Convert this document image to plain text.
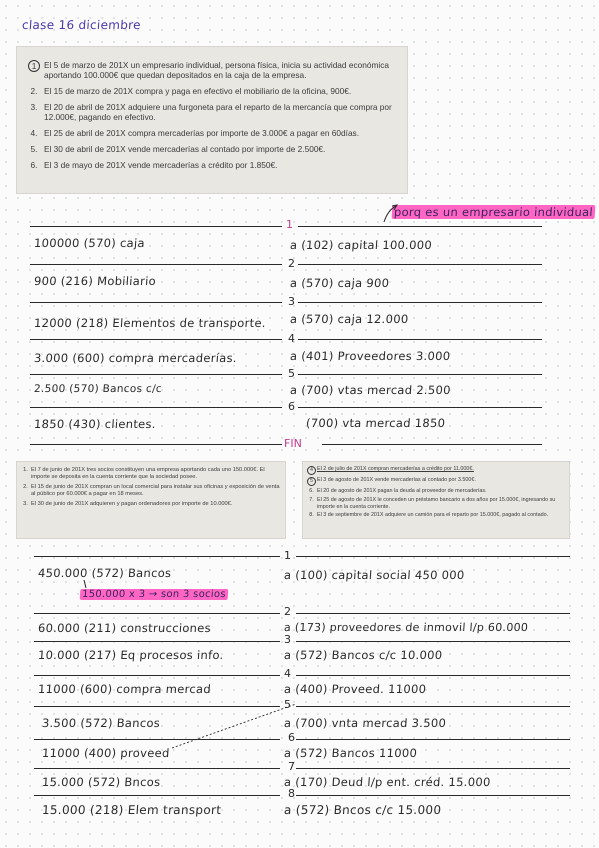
clase 16 diciembre
1 El 5 de marzo de 201X un empresario individual, persona física, inicia su actividad económica aportando 100.000€ que quedan depositados en la caja de la empresa.
2. El 15 de marzo de 201X compra y paga en efectivo el mobiliario de la oficina, 900€.
3. El 20 de abril de 201X adquiere una furgoneta para el reparto de la mercancía que compra por 12.000€, pagando en efectivo.
4. El 25 de abril de 201X compra mercaderías por importe de 3.000€ a pagar en 60días.
5. El 30 de abril de 201X vende mercaderías al contado por importe de 2.500€.
6. El 3 de mayo de 201X vende mercaderías a crédito por 1.850€.
porq es un empresario individual
1
100000 (570) caja	a (102) capital 100.000
2
900 (216) Mobiliario	a (570) caja 900
3
12000 (218) Elementos de transporte. a (570) caja 12.000
4
3.000 (600) compra mercaderías.	a (401) Proveedores 3.000
5
2.500 (570) Bancos c/c	a (700) vtas mercad 2.500
6
1850 (430) clientes.	(700) vta mercad 1850
FIN
1. El 7 de junio de 201X tres socios constituyen una empresa aportando cada uno 150.000€. El importe se deposita en la cuenta corriente que la sociedad posee.
2. El 15 de junio de 201X compran un local comercial para instalar sus oficinas y exposición de venta al público por 60.000€ a pagar en 18 meses.
3. El 30 de junio de 201X adquieren y pagan ordenadores por importe de 10.000€.
4 El 2 de julio de 201X compran mercaderías a crédito por 11.000€.
5 El 3 de agosto de 201X vende mercaderías al contado por 3.500€.
6. El 20 de agosto de 201X pagan la deuda al proveedor de mercaderías.
7. El 25 de agosto de 201X le conceden un préstamo bancario a dos años por 15.000€, ingresando su importe en la cuenta corriente.
8. El 3 de septiembre de 201X adquiere un camión para el reparto por 15.000€, pagado al contado.
1
450.000 (572) Bancos	a (100) capital social 450 000
150.000 x 3 → son 3 socios
2
60.000 (211) construcciones	a (173) proveedores de inmovil l/p 60.000
3
10.000 (217) Eq procesos info.	a (572) Bancos c/c 10.000
4
11000 (600) compra mercad	a (400) Proveed. 11000
5
3.500 (572) Bancos	a (700) vnta mercad 3.500
6
11000 (400) proveed	a (572) Bancos 11000
7
15.000 (572) Bncos	a (170) Deud l/p ent. créd. 15.000
8
15.000 (218) Elem transport	a (572) Bncos c/c 15.000
